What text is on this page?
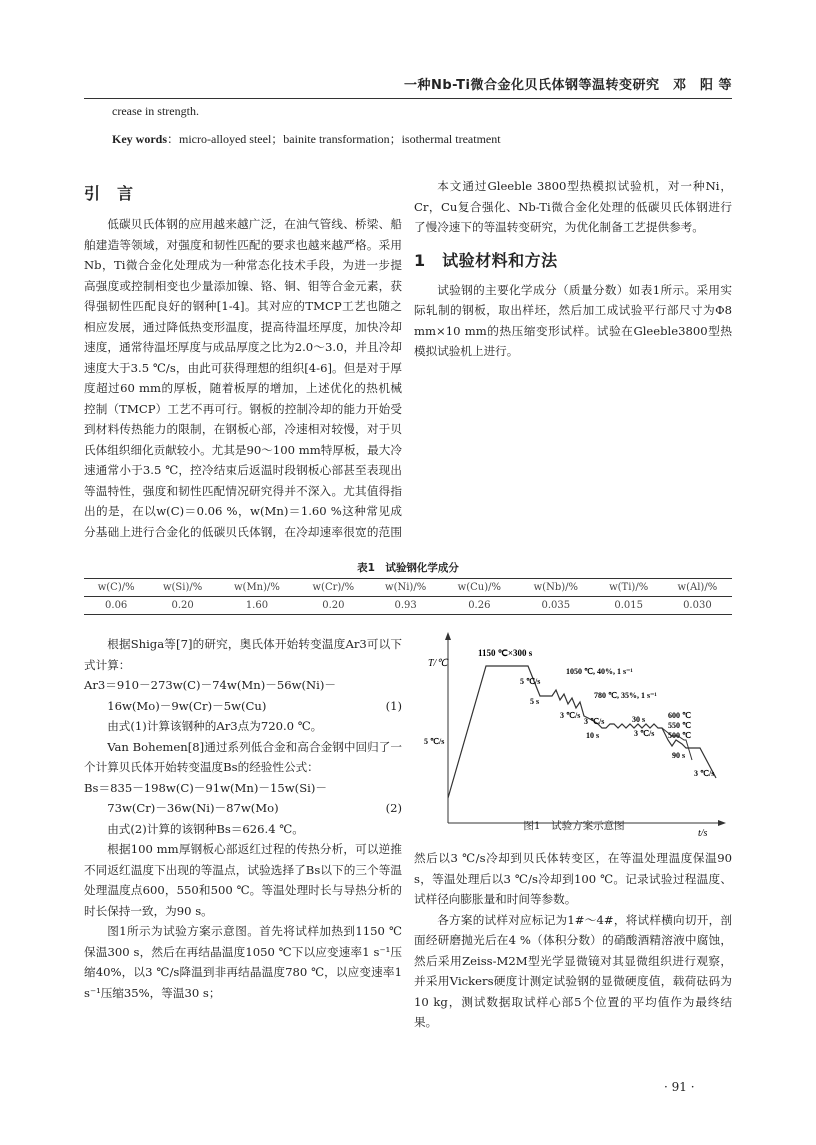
一种Nb-Ti微合金化贝氏体钢等温转变研究　邓　阳 等
crease in strength.
Key words：micro-alloyed steel；bainite transformation；isothermal treatment
引　言

低碳贝氏体钢的应用越来越广泛，在油气管线、桥梁、船舶建造等领域，对强度和韧性匹配的要求也越来越严格。采用Nb，Ti微合金化处理成为一种常态化技术手段，为进一步提高强度或控制相变也少量添加镍、铬、铜、钼等合金元素，获得强韧性匹配良好的钢种[1-4]。其对应的TMCP工艺也随之相应发展，通过降低热变形温度，提高待温坯厚度，加快冷却速度，通常待温坯厚度与成品厚度之比为2.0～3.0，并且冷却速度大于3.5 ℃/s，由此可获得理想的组织[4-6]。但是对于厚度超过60 mm的厚板，随着板厚的增加，上述优化的热机械控制（TMCP）工艺不再可行。钢板的控制冷却的能力开始受到材料传热能力的限制，在钢板心部，冷速相对较慢，对于贝氏体组织细化贡献较小。尤其是90～100 mm特厚板，最大冷速通常小于3.5 ℃，控冷结束后返温时段钢板心部甚至表现出等温特性，强度和韧性匹配情况研究得并不深入。尤其值得指出的是，在以w(C)＝0.06 %，w(Mn)＝1.60 %这种常见成分基础上进行合金化的低碳贝氏体钢，在冷却速率很宽的范围

本文通过Gleeble 3800型热模拟试验机，对一种Ni，Cr，Cu复合强化、Nb-Ti微合金化处理的低碳贝氏体钢进行了慢冷速下的等温转变研究，为优化制备工艺提供参考。

1　试验材料和方法

试验钢的主要化学成分（质量分数）如表1所示。采用实际轧制的钢板，取出样坯，然后加工成试验平行部尺寸为Φ8 mm×10 mm的热压缩变形试样。试验在Gleeble3800型热模拟试验机上进行。

表1　试验钢化学成分
w(C)/%	w(Si)/%	w(Mn)/%	w(Cr)/%	w(Ni)/%	w(Cu)/%	w(Nb)/%	w(Ti)/%	w(Al)/%
0.06	0.20	1.60	0.20	0.93	0.26	0.035	0.015	0.030

根据Shiga等[7]的研究，奥氏体开始转变温度Ar3可以下式计算：

Ar3＝910－273w(C)－74w(Mn)－56w(Ni)－

16w(Mo)－9w(Cr)－5w(Cu)	(1)

由式(1)计算该钢种的Ar3点为720.0 ℃。

Van Bohemen[8]通过系列低合金和高合金钢中回归了一个计算贝氏体开始转变温度Bs的经验性公式：

Bs＝835－198w(C)－91w(Mn)－15w(Si)－

73w(Cr)－36w(Ni)－87w(Mo)	(2)

由式(2)计算的该钢种Bs＝626.4 ℃。

根据100 mm厚钢板心部返红过程的传热分析，可以逆推不同返红温度下出现的等温点，试验选择了Bs以下的三个等温处理温度点600，550和500 ℃。等温处理时长与导热分析的时长保持一致，为90 s。

图1所示为试验方案示意图。首先将试样加热到1150 ℃保温300 s，然后在再结晶温度1050 ℃下以应变速率1 s⁻¹压缩40%，以3 ℃/s降温到非再结晶温度780 ℃，以应变速率1 s⁻¹压缩35%，等温30 s；

T/℃
t/s
1150 ℃×300 s
5 ℃/s
5 ℃/s
5 s
1050 ℃, 40%, 1 s⁻¹
3 ℃/s
10 s
780 ℃, 35%, 1 s⁻¹
3 ℃/s	30 s	600 ℃
550 ℃
500 ℃
3 ℃/s
90 s
3 ℃/s
图1　试验方案示意图

然后以3 ℃/s冷却到贝氏体转变区，在等温处理温度保温90 s，等温处理后以3 ℃/s冷却到100 ℃。记录试验过程温度、试样径向膨胀量和时间等参数。

各方案的试样对应标记为1#～4#，将试样横向切开，剖面经研磨抛光后在4 %（体积分数）的硝酸酒精溶液中腐蚀，然后采用Zeiss-M2M型光学显微镜对其显微组织进行观察，并采用Vickers硬度计测定试验钢的显微硬度值，载荷砝码为10 kg，测试数据取试样心部5个位置的平均值作为最终结果。

· 91 ·
